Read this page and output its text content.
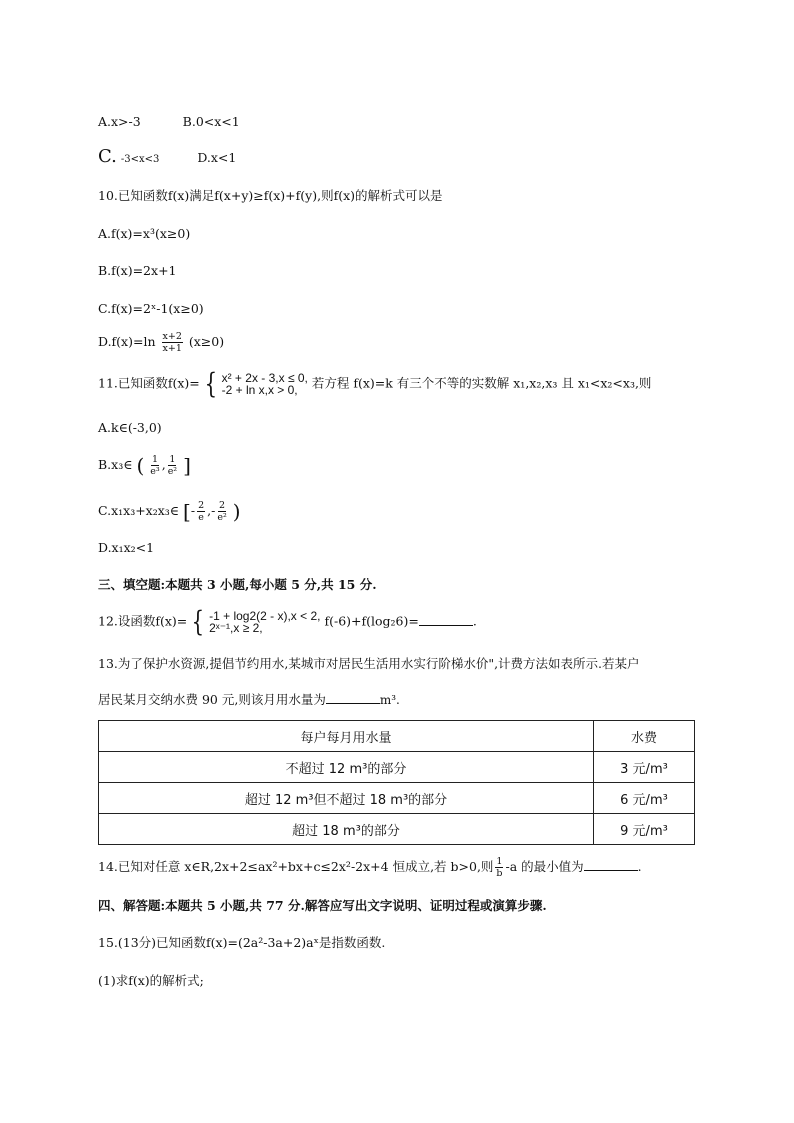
A.x>-3	B.0<x<1
C. -3<x<3	D.x<1
10.已知函数f(x)满足f(x+y)≥f(x)+f(y),则f(x)的解析式可以是
A.f(x)=x³(x≥0)
B.f(x)=2x+1
C.f(x)=2ˣ-1(x≥0)
$D.f(x)=\ln \frac{x+2}{x+1} (x\ge 0)$
11.已知函数f(x)= { x² + 2x - 3,x ≤ 0,
-2 + ln x,x > 0,	若方程 f(x)=k 有三个不等的实数解 x₁,x₂,x₃ 且 x₁<x₂<x₃,则
A.k∈(-3,0)
B.x₃∈ ( $\frac{1}{\text{e³}}$ , $\frac{1}{\text{e²}}$ ]
C.x₁x₃+x₂x₃∈ [- $\frac{2}{e}$ ,- $\frac{2}{\text{e²}}$ )
D.x₁x₂<1
三、填空题:本题共 3 小题,每小题 5 分,共 15 分.
12.设函数f(x)= { -1 + log2(2 - x),x < 2,
2ˣ⁻¹,x ≥ 2,	f(-6)+f(log₂6)=	.
13.为了保护水资源,提倡节约用水,某城市对居民生活用水实行阶梯水价",计费方法如表所示.若某户
居民某月交纳水费 90 元,则该月用水量为	m³.
每户每月用水量	水费
不超过 12 m³的部分	3 元/m³
超过 12 m³但不超过 18 m³的部分	6 元/m³
超过 18 m³的部分	9 元/m³
14.已知对任意 x∈R,2x+2≤ax²+bx+c≤2x²-2x+4 恒成立,若 b>0,则 $\frac{1}{b} -a$ 的最小值为	.
四、解答题:本题共 5 小题,共 77 分.解答应写出文字说明、证明过程或演算步骤.
15.(13分)已知函数f(x)=(2a²-3a+2)aˣ是指数函数.
(1)求f(x)的解析式;
